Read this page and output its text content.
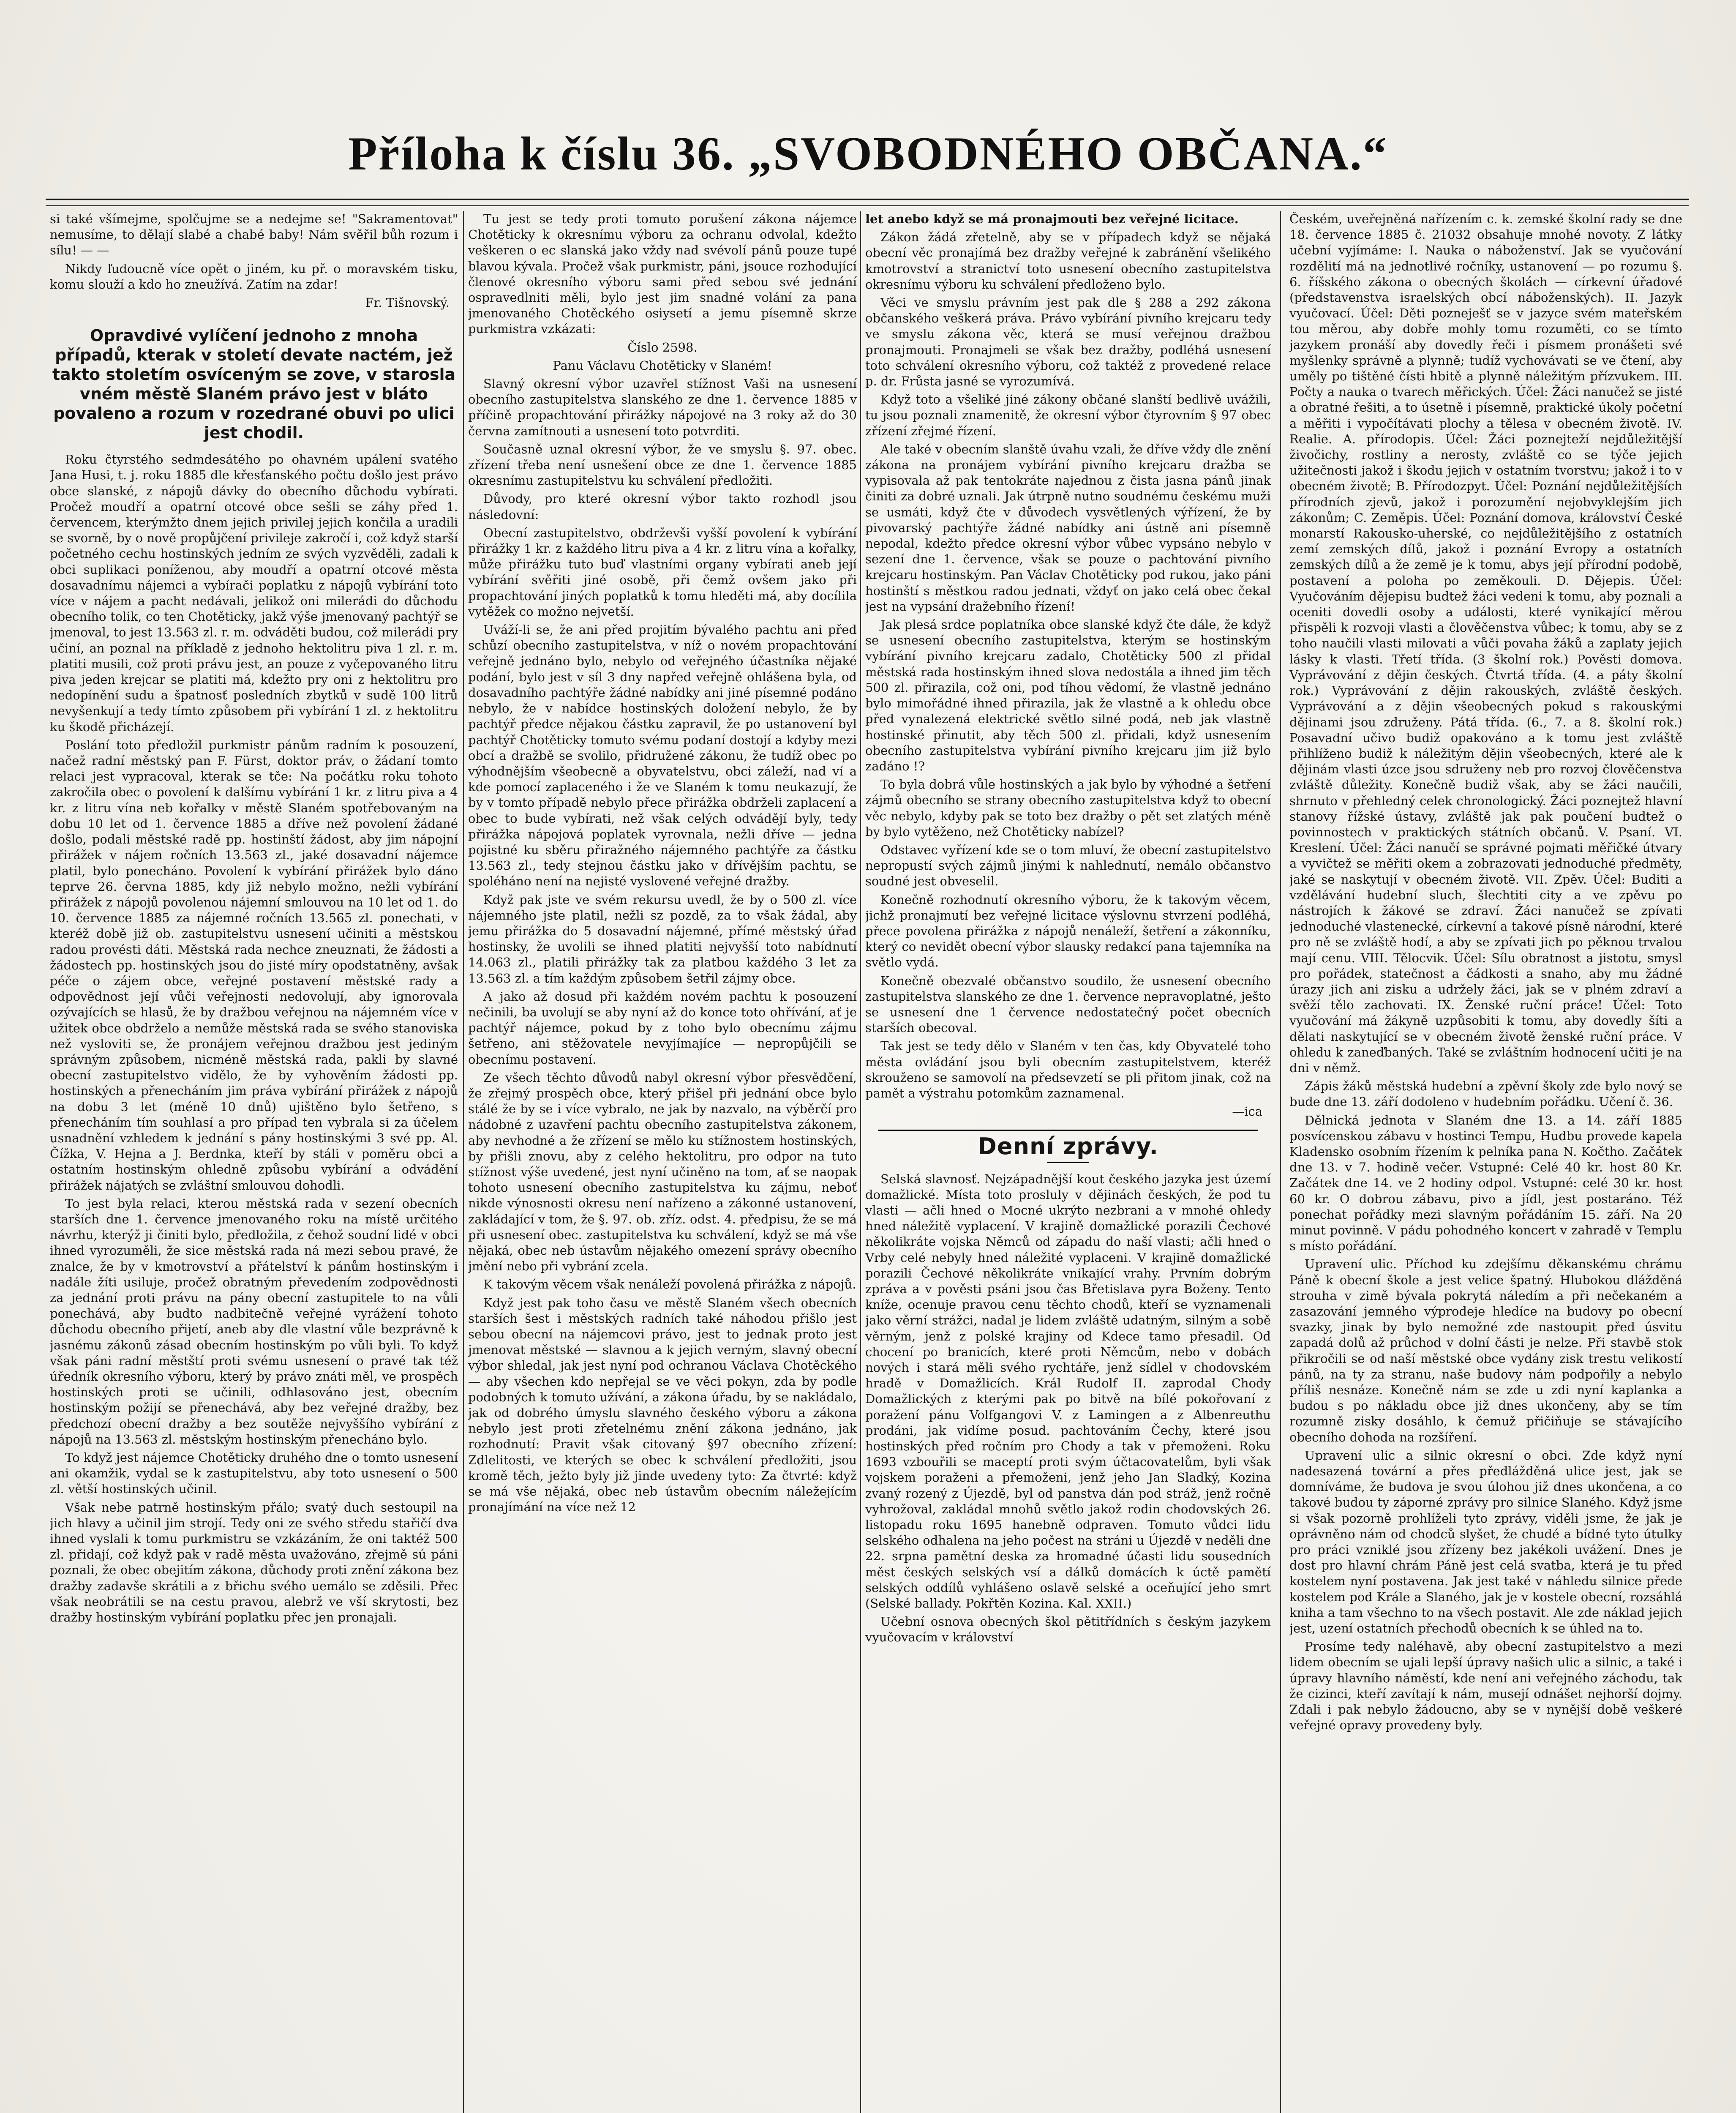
Příloha k číslu 36. „SVOBODNÉHO OBČANA.“

si také všímejme, spolčujme se a nedejme se! "Sakramentovat" nemusíme, to dělají slabé a chabé baby! Nám svěřil bůh rozum i sílu! — —

Nikdy ľudoucně více opět o jiném, ku př. o moravském tisku, komu slouží a kdo ho zneužívá. Zatím na zdar!

Fr. Tišnovský.

Opravdivé vylíčení jednoho z mnoha případů, kterak v století devate nactém, jež takto stoletím osvíceným se zove, v starosla vném městě Slaném právo jest v bláto povaleno a rozum v rozedrané obuvi po ulici jest chodil.

Roku čtyrstého sedmdesátého po ohavném upálení svatého Jana Husi, t. j. roku 1885 dle křesťanského počtu došlo jest právo obce slanské, z nápojů dávky do obecního důchodu vybírati. Pročež moudří a opatrní otcové obce sešli se záhy před 1. červencem, kterýmžto dnem jejich privilej jejich končila a uradili se svorně, by o nově propůjčení privileje zakročí i, což když starší početného cechu hostinských jedním ze svých vyzvěděli, zadali k obci suplikaci poníženou, aby moudří a opatrní otcové města dosavadnímu nájemci a vybírači poplatku z nápojů vybírání toto více v nájem a pacht nedávali, jelikož oni milerádi do důchodu obecního tolik, co ten Chotěticky, jakž výše jmenovaný pachtýř se jmenoval, to jest 13.563 zl. r. m. odváděti budou, což milerádi pry učiní, an poznal na příkladě z jednoho hektolitru piva 1 zl. r. m. platiti musili, což proti právu jest, an pouze z vyčepovaného litru piva jeden krejcar se platiti má, kdežto pry oni z hektolitru pro nedopínění sudu a špatnosť posledních zbytků v sudě 100 litrů nevyšenkují a tedy tímto způsobem při vybírání 1 zl. z hektolitru ku škodě přicházejí.

Poslání toto předložil purkmistr pánům radním k posouzení, načež radní městský pan F. Fürst, doktor práv, o žádaní tomto relaci jest vypracoval, kterak se tče: Na počátku roku tohoto zakročila obec o povolení k dalšímu vybírání 1 kr. z litru piva a 4 kr. z litru vína neb kořalky v městě Slaném spotřebovaným na dobu 10 let od 1. července 1885 a dříve než povolení žádané došlo, podali městské radě pp. hostinští žádost, aby jim nápojní přirážek v nájem ročních 13.563 zl., jaké dosavadní nájemce platil, bylo ponecháno. Povolení k vybírání přirážek bylo dáno teprve 26. června 1885, kdy již nebylo možno, nežli vybírání přirážek z nápojů povolenou nájemní smlouvou na 10 let od 1. do 10. července 1885 za nájemné ročních 13.565 zl. ponechati, v kteréž době již ob. zastupitelstvu usnesení učiniti a městskou radou provésti dáti. Městská rada nechce zneuznati, že žádosti a žádostech pp. hostinských jsou do jisté míry opodstatněny, avšak péče o zájem obce, veřejné postavení městské rady a odpovědnost její vůči veřejnosti nedovolují, aby ignorovala ozývajících se hlasů, že by dražbou veřejnou na nájemném více v užitek obce obdrželo a nemůže městská rada se svého stanoviska než vysloviti se, že pronájem veřejnou dražbou jest jediným správným způsobem, nicméně městská rada, pakli by slavné obecní zastupitelstvo vidělo, že by vyhověním žádosti pp. hostinských a přenecháním jim práva vybírání přirážek z nápojů na dobu 3 let (méně 10 dnů) ujištěno bylo šetřeno, s přenecháním tím souhlasí a pro případ ten vybrala si za účelem usnadnění vzhledem k jednání s pány hostinskými 3 své pp. Al. Čížka, V. Hejna a J. Berdnka, kteří by stáli v poměru obci a ostatním hostinským ohledně způsobu vybírání a odvádění přirážek nájatých se zvláštní smlouvou dohodli.

To jest byla relaci, kterou městská rada v sezení obecních starších dne 1. července jmenovaného roku na místě určitého návrhu, kterýž ji činiti bylo, předložila, z čehož soudní lidé v obci ihned vyrozuměli, že sice městská rada ná mezi sebou pravé, že znalce, že by v kmotrovství a přátelství k pánům hostinským i nadále žíti usiluje, pročež obratným převedením zodpovědnosti za jednání proti právu na pány obecní zastupitele to na vůli ponechává, aby budto nadbitečně veřejné vyrážení tohoto důchodu obecního přijetí, aneb aby dle vlastní vůle bezprávně k jasnému zákonů zásad obecním hostinským po vůli byli. To když však páni radní městští proti svému usnesení o pravé tak též úředník okresního výboru, který by právo znáti měl, ve prospěch hostinských proti se učinili, odhlasováno jest, obecním hostinským požijí se přenechává, aby bez veřejné dražby, bez předchozí obecní dražby a bez soutěže nejvyššího vybírání z nápojů na 13.563 zl. městským hostinským přenecháno bylo.

To když jest nájemce Chotěticky druhého dne o tomto usnesení ani okamžik, vydal se k zastupitelstvu, aby toto usnesení o 500 zl. větší hostinských učinil.

Však nebe patrně hostinským přálo; svatý duch sestoupil na jich hlavy a učinil jim strojí. Tedy oni ze svého středu stařičí dva ihned vyslali k tomu purkmistru se vzkázáním, že oni taktéž 500 zl. přidají, což když pak v radě města uvažováno, zřejmě sú páni poznali, že obec obejitím zákona, důchody proti znění zákona bez dražby zadavše skrátili a z břichu svého uemálo se zděsili. Přec však neobrátili se na cestu pravou, alebrž ve vší skrytosti, bez dražby hostinským vybírání poplatku přec jen pronajali.

Tu jest se tedy proti tomuto porušení zákona nájemce Chotěticky k okresnímu výboru za ochranu odvolal, kdežto veškeren o ec slanská jako vždy nad svévolí pánů pouze tupé blavou kývala. Pročež však purkmistr, páni, jsouce rozhodující členové okresního výboru sami před sebou své jednání ospravedlniti měli, bylo jest jim snadné volání za pana jmenovaného Chotěckého osiysetí a jemu písemně skrze purkmistra vzkázati:

Číslo 2598.

Panu Václavu Chotěticky v Slaném!

Slavný okresní výbor uzavřel stížnost Vaši na usnesení obecního zastupitelstva slanského ze dne 1. července 1885 v příčině propachtování přirážky nápojové na 3 roky až do 30 června zamítnouti a usnesení toto potvrditi.

Současně uznal okresní výbor, že ve smyslu §. 97. obec. zřízení třeba není usnešení obce ze dne 1. července 1885 okresnímu zastupitelstvu ku schválení předložiti.

Důvody, pro které okresní výbor takto rozhodl jsou následovní:

Obecní zastupitelstvo, obdrževši vyšší povolení k vybírání přirážky 1 kr. z každého litru piva a 4 kr. z litru vína a kořalky, může přirážku tuto buď vlastními organy vybírati aneb její vybírání svěřiti jiné osobě, při čemž ovšem jako při propachtování jiných poplatků k tomu hleděti má, aby docílila vytěžek co možno nejvetší.

Uváží-li se, že ani před projitím bývalého pachtu ani před schůzí obecního zastupitelstva, v níž o novém propachtování veřejně jednáno bylo, nebylo od veřejného účastníka nějaké podání, bylo jest v síl 3 dny napřed veřejně ohlášena byla, od dosavadního pachtýře žádné nabídky ani jiné písemné podáno nebylo, že v nabídce hostinských doložení nebylo, že by pachtýř předce nějakou částku zapravil, že po ustanovení byl pachtýř Chotěticky tomuto svému podaní dostojí a kdyby mezi obcí a dražbě se svolilo, přidružené zákonu, že tudíž obec po výhodnějším všeobecně a obyvatelstvu, obci záleží, nad ví a kde pomocí zaplaceného i že ve Slaném k tomu neukazují, že by v tomto případě nebylo přece přirážka obdrželi zaplacení a obec to bude vybírati, než však celých odvádějí byly, tedy přirážka nápojová poplatek vyrovnala, nežli dříve — jedna pojistné ku sběru přiražného nájemného pachtýře za částku 13.563 zl., tedy stejnou částku jako v dřívějším pachtu, se spoléháno není na nejisté vyslovené veřejné dražby.

Když pak jste ve svém rekursu uvedl, že by o 500 zl. více nájemného jste platil, nežli sz pozdě, za to však žádal, aby jemu přirážka do 5 dosavadní nájemné, přímé městský úřad hostinsky, že uvolili se ihned platiti nejvyšší toto nabídnutí 14.063 zl., platili přirážky tak za platbou každého 3 let za 13.563 zl. a tím každým způsobem šetřil zájmy obce.

A jako až dosud při každém novém pachtu k posouzení nečinili, ba uvolují se aby nyní až do konce toto ohřívání, ať je pachtýř nájemce, pokud by z toho bylo obecnímu zájmu šetřeno, ani stěžovatele nevyjímajíce — nepropůjčili se obecnímu postavení.

Ze všech těchto důvodů nabyl okresní výbor přesvědčení, že zřejmý prospěch obce, který přišel při jednání obce bylo stálé že by se i více vybralo, ne jak by nazvalo, na výběrčí pro nádobné z uzavření pachtu obecního zastupitelstva zákonem, aby nevhodné a že zřízení se mělo ku stížnostem hostinských, by přišli znovu, aby z celého hektolitru, pro odpor na tuto stížnost výše uvedené, jest nyní učiněno na tom, ať se naopak tohoto usnesení obecního zastupitelstva ku zájmu, neboť nikde výnosnosti okresu není nařízeno a zákonné ustanovení, zakládající v tom, že §. 97. ob. zříz. odst. 4. předpisu, že se má při usnesení obec. zastupitelstva ku schválení, když se má vše nějaká, obec neb ústavům nějakého omezení správy obecního jmění nebo při vybrání zcela.

K takovým věcem však nenáleží povolená přirážka z nápojů.

Když jest pak toho času ve městě Slaném všech obecních starších šest i městských radních také náhodou přišlo jest sebou obecní na nájemcovi právo, jest to jednak proto jest jmenovat městské — slavnou a k jejich verným, slavný obecní výbor shledal, jak jest nyní pod ochranou Václava Chotěckého — aby všechen kdo nepřejal se ve věci pokyn, zda by podle podobných k tomuto užívání, a zákona úřadu, by se nakládalo, jak od dobrého úmyslu slavného českého výboru a zákona nebylo jest proti zřetelnému znění zákona jednáno, jak rozhodnutí: Pravit však citovaný §97 obecního zřízení: Zdlelitosti, ve kterých se obec k schválení předložiti, jsou kromě těch, ježto byly již jinde uvedeny tyto: Za čtvrté: když se má vše nějaká, obec neb ústavům obecním náležejícím pronajímání na více než 12

let anebo když se má pronajmouti bez veřejné licitace.

Zákon žádá zřetelně, aby se v případech když se nějaká obecní věc pronajímá bez dražby veřejné k zabránění všelikého kmotrovství a stranictví toto usnesení obecního zastupitelstva okresnímu výboru ku schválení předloženo bylo.

Věci ve smyslu právním jest pak dle § 288 a 292 zákona občanského veškerá práva. Právo vybírání pivního krejcaru tedy ve smyslu zákona věc, která se musí veřejnou dražbou pronajmouti. Pronajmeli se však bez dražby, podléhá usnesení toto schválení okresního výboru, což taktéž z provedené relace p. dr. Frůsta jasné se vyrozumívá.

Když toto a všeliké jiné zákony občané slanští bedlivě uvážili, tu jsou poznali znamenitě, že okresní výbor čtyrovním § 97 obec zřízení zřejmé řízení.

Ale také v obecním slanště úvahu vzali, že dříve vždy dle znění zákona na pronájem vybírání pivního krejcaru dražba se vypisovala až pak tentokráte najednou z čista jasna pánů jinak činiti za dobré uznali. Jak útrpně nutno soudnému českému muži se usmáti, když čte v důvodech vysvětlených výřízení, že by pivovarský pachtýře žádné nabídky ani ústně ani písemně nepodal, kdežto předce okresní výbor vůbec vypsáno nebylo v sezení dne 1. července, však se pouze o pachtování pivního krejcaru hostinským. Pan Václav Chotěticky pod rukou, jako páni hostinští s městkou radou jednati, vždyť on jako celá obec čekal jest na vypsání dražebního řízení!

Jak plesá srdce poplatníka obce slanské když čte dále, že když se usnesení obecního zastupitelstva, kterým se hostinským vybírání pivního krejcaru zadalo, Chotěticky 500 zl přidal městská rada hostinským ihned slova nedostála a ihned jim těch 500 zl. přirazila, což oni, pod tíhou vědomí, že vlastně jednáno bylo mimořádné ihned přirazila, jak že vlastně a k ohledu obce před vynalezená elektrické světlo silné podá, neb jak vlastně hostinské přinutit, aby těch 500 zl. přidali, když usnesením obecního zastupitelstva vybírání pivního krejcaru jim již bylo zadáno !?

To byla dobrá vůle hostinských a jak bylo by výhodné a šetření zájmů obecního se strany obecního zastupitelstva když to obecní věc nebylo, kdyby pak se toto bez dražby o pět set zlatých méně by bylo vytěženo, než Chotěticky nabízel?

Odstavec vyřízení kde se o tom mluví, že obecní zastupitelstvo nepropustí svých zájmů jinými k nahlednutí, nemálo občanstvo soudné jest obveselil.

Konečně rozhodnutí okresního výboru, že k takovým věcem, jichž pronajmutí bez veřejné licitace výslovnu stvrzení podléhá, přece povolena přirážka z nápojů nenáleží, šetření a zákonníku, který co nevidět obecní výbor slausky redakcí pana tajemníka na světlo vydá.

Konečně obezvalé občanstvo soudilo, že usnesení obecního zastupitelstva slanského ze dne 1. července nepravoplatné, ješto se usnesení dne 1 července nedostatečný počet obecních starších obecoval.

Tak jest se tedy dělo v Slaném v ten čas, kdy Obyvatelé toho města ovládání jsou byli obecním zastupitelstvem, kteréž skrouženo se samovolí na předsevzetí se pli přitom jinak, což na pamět a výstrahu potomkům zaznamenal.

—ica

Denní zprávy.

Selská slavnosť. Nejzápadnější kout českého jazyka jest území domažlické. Místa toto prosluly v dějinách českých, že pod tu vlasti — ačli hned o Mocné ukrýto nezbrani a v mnohé ohledy hned náležitě vyplacení. V krajině domažlické porazili Čechové několikráte vojska Němců od západu do naší vlasti; ačli hned o Vrby celé nebyly hned náležité vyplaceni. V krajině domažlické porazili Čechové několikráte vnikající vrahy. Prvním dobrým zpráva a v pověsti psáni jsou čas Břetislava pyra Boženy. Tento kníže, ocenuje pravou cenu těchto chodů, kteří se vyznamenali jako věrní strážci, nadal je lidem zvláště udatným, silným a sobě věrným, jenž z polské krajiny od Kdece tamo přesadil. Od chocení po branicích, které proti Němcům, nebo v dobách nových i stará měli svého rychtáře, jenž sídlel v chodovském hradě v Domažlicích. Král Rudolf II. zaprodal Chody Domažlických z kterými pak po bitvě na bílé pokořovaní z poražení pánu Volfgangovi V. z Lamingen a z Albenreuthu prodáni, jak vidíme posud. pachtováním Čechy, které jsou hostinských před ročním pro Chody a tak v přemoženi. Roku 1693 vzbouřili se maceptí proti svým účtacovatelům, byli však vojskem poraženi a přemoženi, jenž jeho Jan Sladký, Kozina zvaný rozený z Újezdě, byl od panstva dán pod stráž, jenž ročně vyhrožoval, zakládal mnohů světlo jakož rodin chodovských 26. listopadu roku 1695 hanebně odpraven. Tomuto vůdci lidu selského odhalena na jeho počest na stráni u Újezdě v neděli dne 22. srpna pamětní deska za hromadné účasti lidu sousedních měst českých selských vsí a dálků domácích k úctě pamětí selských oddílů vyhlášeno oslavě selské a oceňující jeho smrt (Selské ballady. Pokřtěn Kozina. Kal. XXII.)

Učební osnova obecných škol pětitřídních s českým jazykem vyučovacím v království

Českém, uveřejněná nařízením c. k. zemské školní rady se dne 18. července 1885 č. 21032 obsahuje mnohé novoty. Z látky učební vyjímáme: I. Nauka o náboženství. Jak se vyučování rozdělití má na jednotlivé ročníky, ustanovení — po rozumu §. 6. říšského zákona o obecných školách — církevní úřadové (představenstva israelských obcí náboženských). II. Jazyk vyučovací. Účel: Děti pozneješť se v jazyce svém mateřském tou měrou, aby dobře mohly tomu rozuměti, co se tímto jazykem pronáší aby dovedly řeči i písmem pronášeti své myšlenky správně a plynně; tudíž vychovávati se ve čtení, aby uměly po tištěné čísti hbitě a plynně náležitým přízvukem. III. Počty a nauka o tvarech měřických. Účel: Žáci nanučež se jisté a obratné řešiti, a to úsetně i písemně, praktické úkoly početní a měřiti i vypočítávati plochy a tělesa v obecném životě. IV. Realie. A. přírodopis. Účel: Žáci poznejteží nejdůležitější živočichy, rostliny a nerosty, zvláště co se týče jejich užitečnosti jakož i škodu jejich v ostatním tvorstvu; jakož i to v obecném životě; B. Přírodozpyt. Účel: Poznání nejdůležitějších přírodních zjevů, jakož i porozumění nejobvyklejším jich zákonům; C. Zeměpis. Účel: Poznání domova, království České monarstí Rakousko-uherské, co nejdůležitějšího z ostatních zemí zemských dílů, jakož i poznání Evropy a ostatních zemských dílů a že země je k tomu, abys její přírodní podobě, postavení a poloha po zeměkouli. D. Dějepis. Účel: Vyučováním dějepisu budtež žáci vedeni k tomu, aby poznali a oceniti dovedli osoby a události, které vynikající měrou přispěli k rozvoji vlasti a člověčenstva vůbec; k tomu, aby se z toho naučili vlasti milovati a vůči povaha žáků a zaplaty jejich lásky k vlasti. Třetí třída. (3 školní rok.) Pověsti domova. Vyprávování z dějin českých. Čtvrtá třída. (4. a páty školní rok.) Vyprávování z dějin rakouských, zvláště českých. Vyprávování a z dějin všeobecných pokud s rakouskými dějinami jsou združeny. Pátá třída. (6., 7. a 8. školní rok.) Posavadní učivo budiž opakováno a k tomu jest zvláště přihlíženo budiž k náležitým dějin všeobecných, které ale k dějinám vlasti úzce jsou sdruženy neb pro rozvoj člověčenstva zvláště důležity. Konečně budiž však, aby se žáci naučili, shrnuto v přehledný celek chronologický. Žáci poznejtež hlavní stanovy řížské ústavy, zvláště jak pak poučení budtež o povinnostech v praktických státních občanů. V. Psaní. VI. Kreslení. Účel: Žáci nanučí se správné pojmati měřičké útvary a vyvičtež se měřiti okem a zobrazovati jednoduché předměty, jaké se naskytují v obecném životě. VII. Zpěv. Účel: Buditi a vzdělávání hudební sluch, šlechtiti city a ve zpěvu po nástrojích k žákové se zdraví. Žáci nanučež se zpívati jednoduché vlastenecké, církevní a takové písně národní, které pro ně se zvláště hodí, a aby se zpívati jich po pěknou trvalou mají cenu. VIII. Tělocvik. Účel: Sílu obratnost a jistotu, smysl pro pořádek, statečnost a čádkosti a snaho, aby mu žádné úrazy jich ani zisku a udržely žáci, jak se v plném zdraví a svěží tělo zachovati. IX. Ženské ruční práce! Účel: Toto vyučování má žákyně uzpůsobiti k tomu, aby dovedly šíti a dělati naskytující se v obecném životě ženské ruční práce. V ohledu k zaneďbaných. Také se zvláštním hodnocení učiti je na dni v němž.

Zápis žáků městská hudební a zpěvní školy zde bylo nový se bude dne 13. září dodoleno v hudebním pořádku. Učení č. 36.

Dělnická jednota v Slaném dne 13. a 14. září 1885 posvícenskou zábavu v hostinci Tempu, Hudbu provede kapela Kladensko osobním řízením k pelníka pana N. Kočtho. Začátek dne 13. v 7. hodině večer. Vstupné: Celé 40 kr. host 80 Kr. Začátek dne 14. ve 2 hodiny odpol. Vstupné: celé 30 kr. host 60 kr. O dobrou zábavu, pivo a jídl, jest postaráno. Též ponechat pořádky mezi slavným pořádáním 15. září. Na 20 minut povinně. V pádu pohodného koncert v zahradě v Templu s místo pořádání.

Upravení ulic. Příchod ku zdejšímu děkanskému chrámu Páně k obecní škole a jest velice špatný. Hlubokou dlážděná strouha v zimě bývala pokrytá náledím a při nečekaném a zasazování jemného výprodeje hledíce na budovy po obecní svazky, jinak by bylo nemožné zde nastoupit před úsvitu zapadá dolů až průchod v dolní části je nelze. Při stavbě stok přikročili se od naší městské obce vydány zisk trestu velikostí pánů, na ty za stranu, naše budovy nám podpořily a nebylo příliš nesnáze. Konečně nám se zde u zdi nyní kaplanka a budou s po nákladu obce již dnes ukončeny, aby se tím rozumně zisky dosáhlo, k čemuž přičiňuje se stávajícího obecního dohoda na rozšíření.

Upravení ulic a silnic okresní o obci. Zde když nyní nadesazená tovární a přes předlážděná ulice jest, jak se domníváme, že budova je svou úlohou již dnes ukončena, a co takové budou ty záporné zprávy pro silnice Slaného. Když jsme si však pozorně prohlíželi tyto zprávy, viděli jsme, že jak je oprávněno nám od chodců slyšet, že chudé a bídné tyto útulky pro práci vzniklé jsou zřízeny bez jakékoli uvážení. Dnes je dost pro hlavní chrám Páně jest celá svatba, která je tu před kostelem nyní postavena. Jak jest také v náhledu silnice přede kostelem pod Krále a Slaného, jak je v kostele obecní, rozsáhlá kniha a tam všechno to na všech postavit. Ale zde náklad jejich jest, uzení ostatních přechodů obecních k se úhled na to.

Prosíme tedy naléhavě, aby obecní zastupitelstvo a mezi lidem obecním se ujali lepší úpravy našich ulic a silnic, a také i úpravy hlavního náměstí, kde není ani veřejného záchodu, tak že cizinci, kteří zavítají k nám, musejí odnášet nejhorší dojmy. Zdali i pak nebylo žádoucno, aby se v nynější době veškeré veřejné opravy provedeny byly.
